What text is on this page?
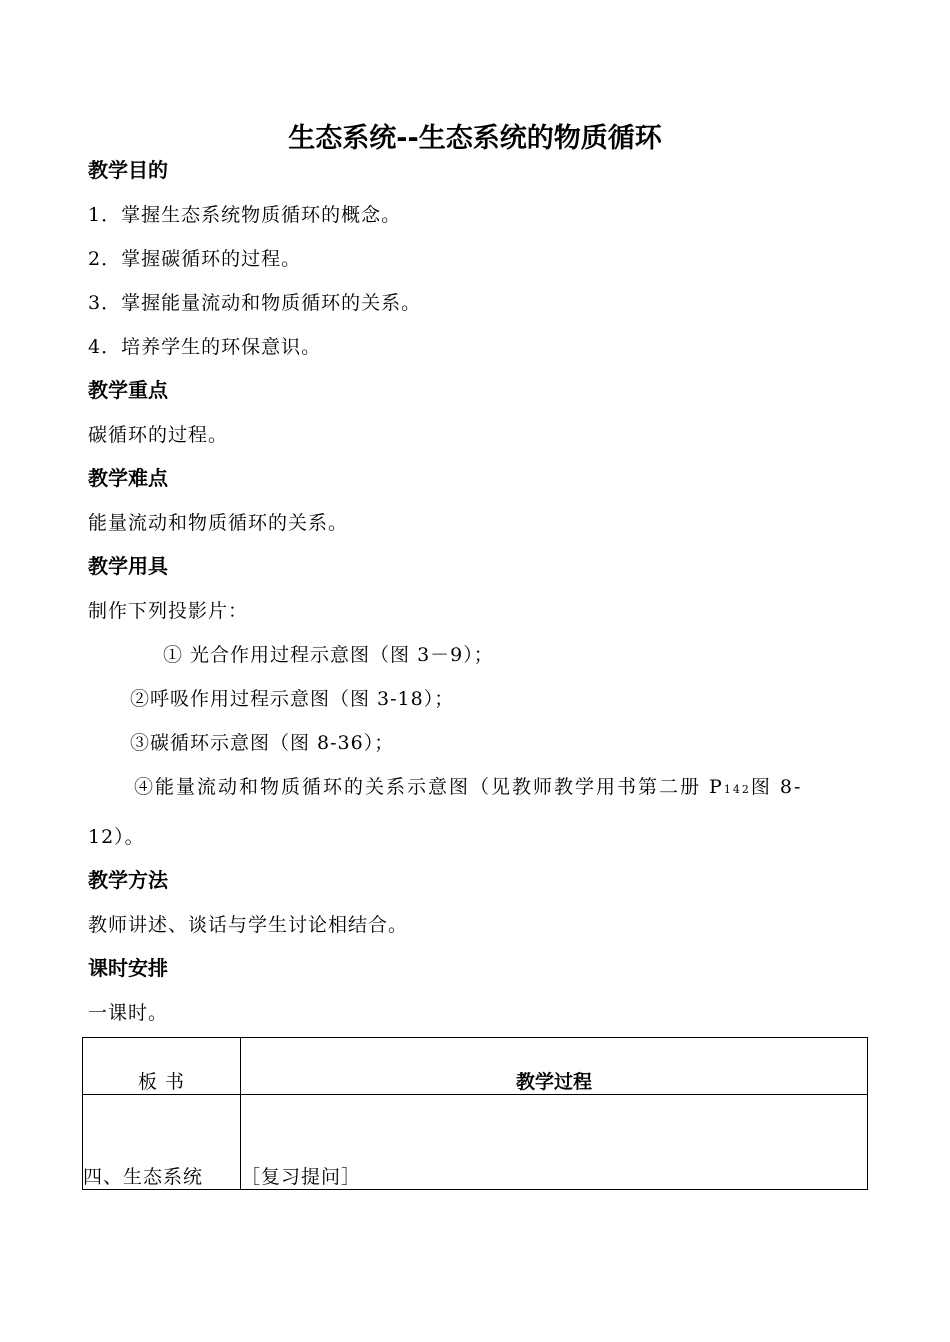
生态系统--生态系统的物质循环
教学目的
1．掌握生态系统物质循环的概念。
2．掌握碳循环的过程。
3．掌握能量流动和物质循环的关系。
4．培养学生的环保意识。
教学重点
碳循环的过程。
教学难点
能量流动和物质循环的关系。
教学用具
制作下列投影片：
① 光合作用过程示意图（图 3－9）；
②呼吸作用过程示意图（图 3-18）；
③碳循环示意图（图 8-36）；
④能量流动和物质循环的关系示意图（见教师教学用书第二册 P142图 8-
12）。
教学方法
教师讲述、谈话与学生讨论相结合。
课时安排
一课时。
板 书	教学过程
四、生态系统	［复习提问］
